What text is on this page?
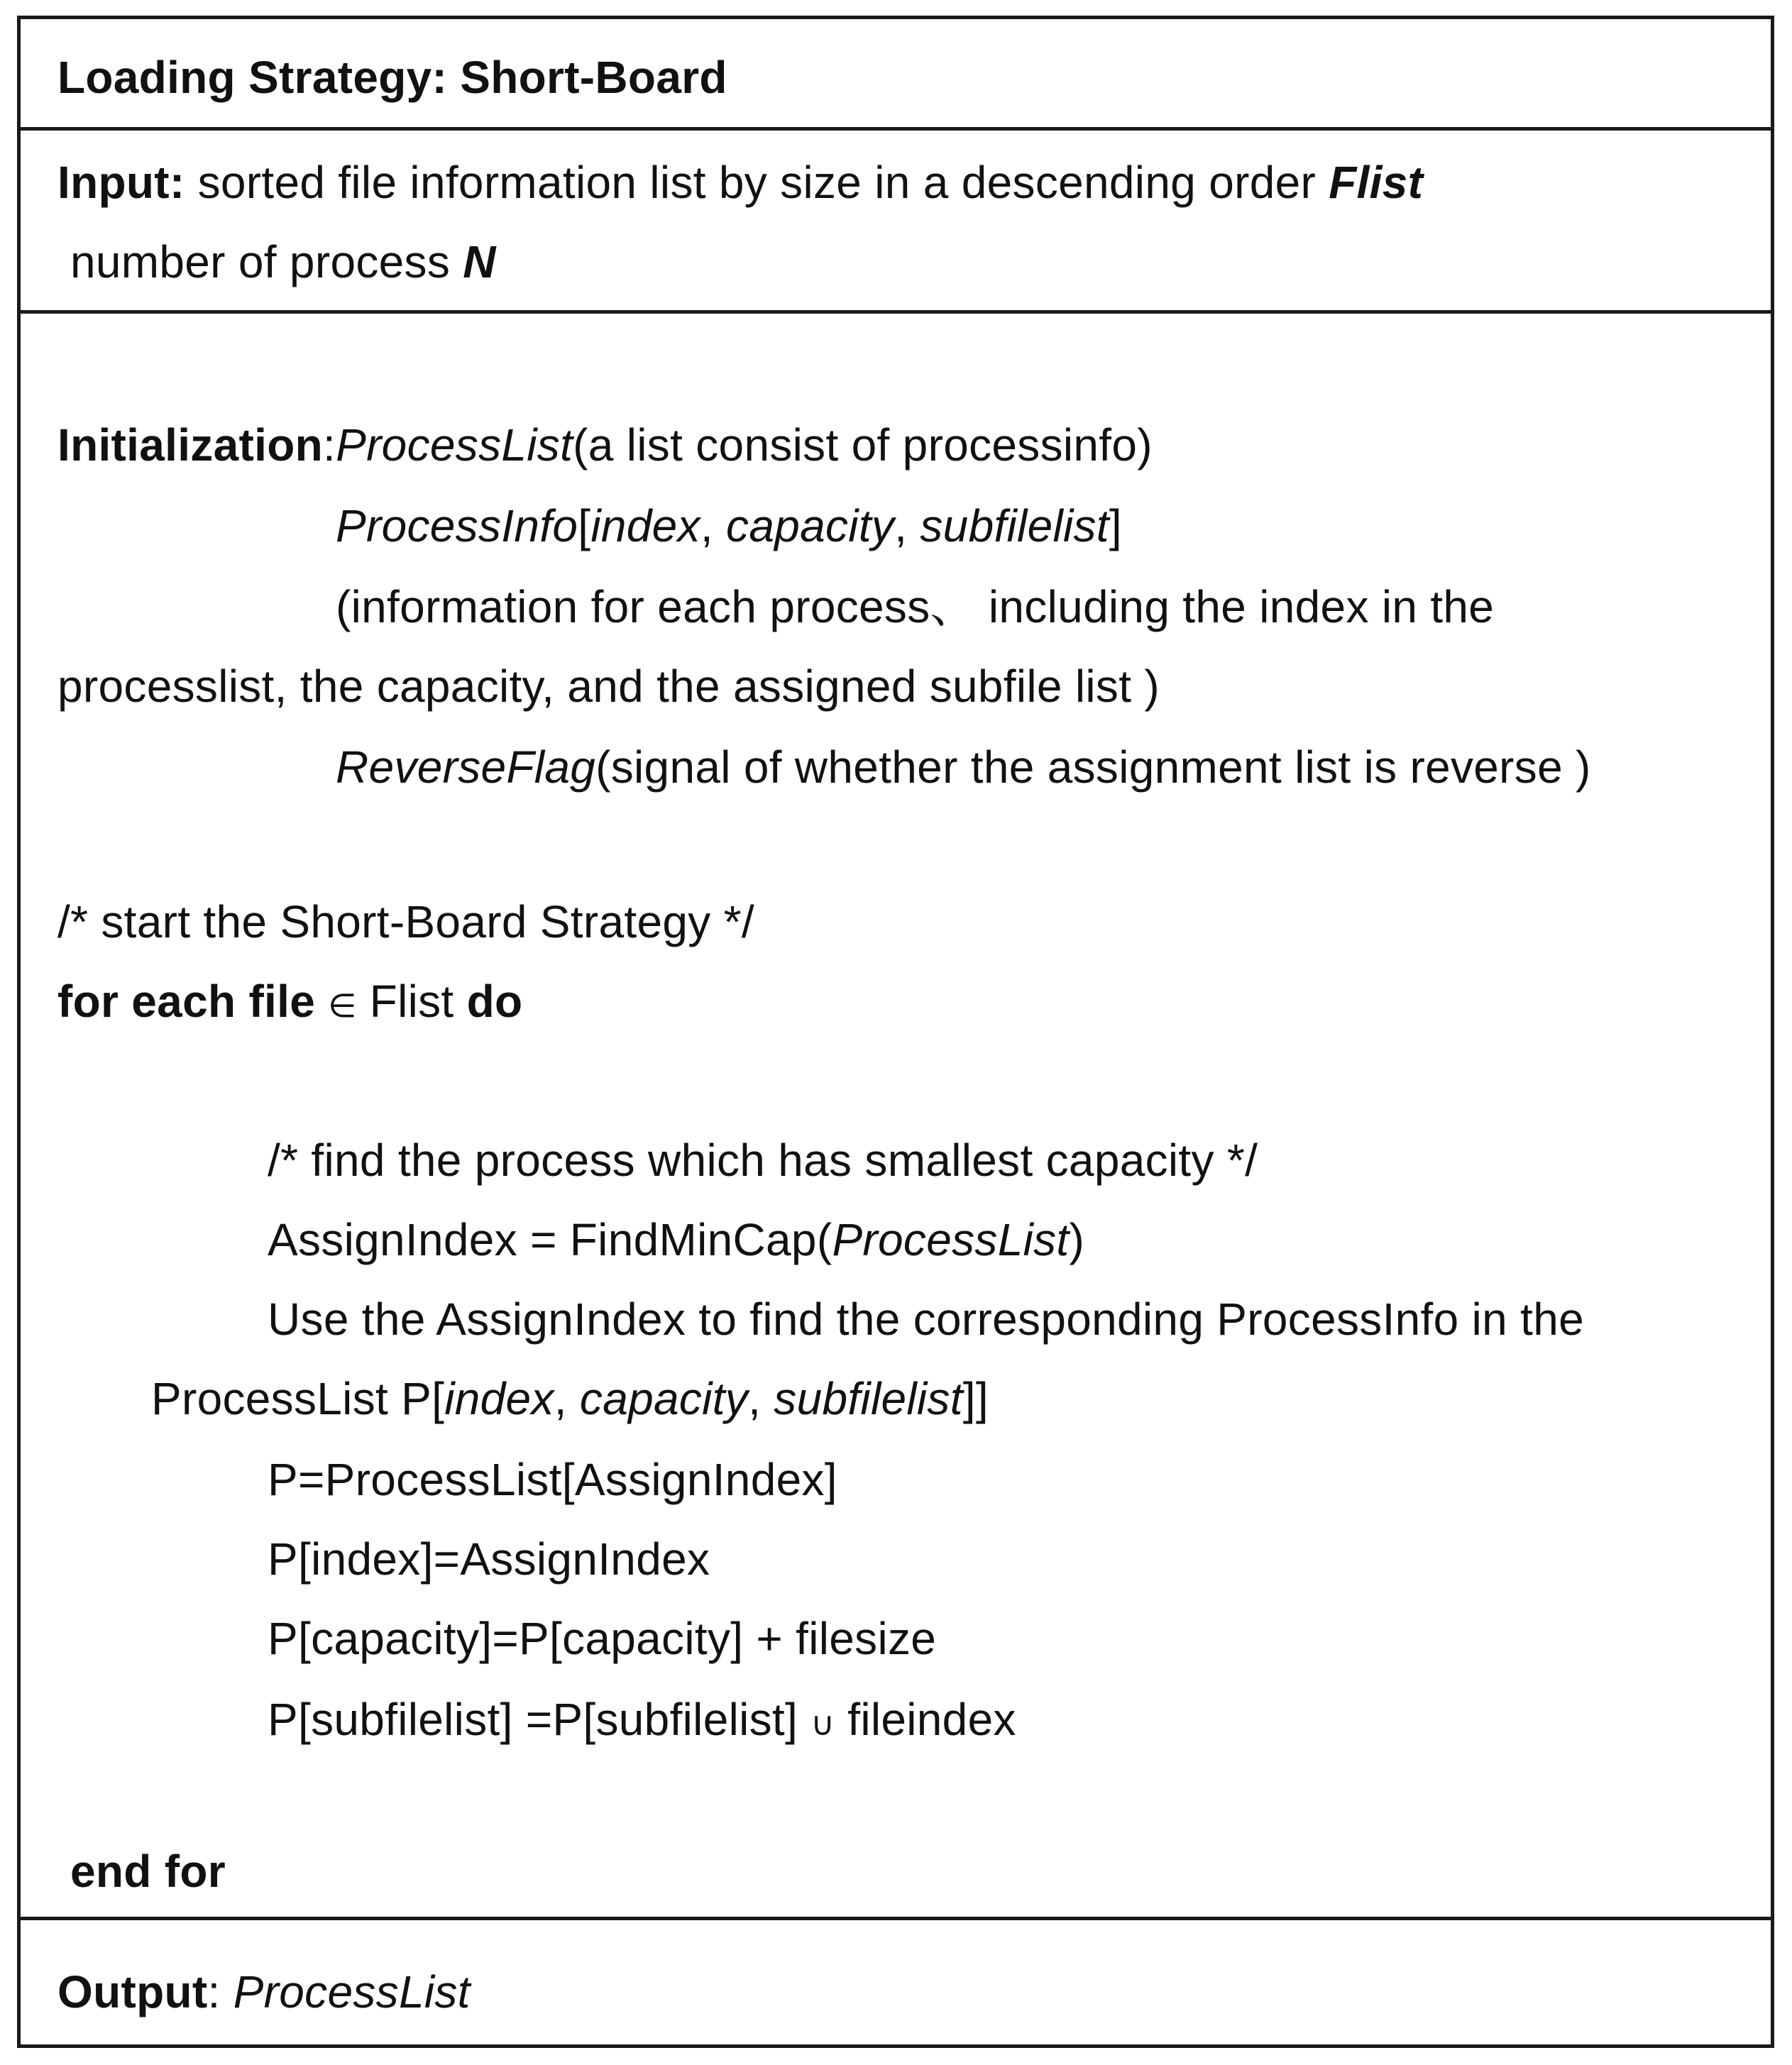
Loading Strategy: Short-Board
Input: sorted file information list by size in a descending order Flist
number of process N
Initialization:ProcessList(a list consist of processinfo)
ProcessInfo[index, capacity, subfilelist]
(information for each process、 including the index in the
processlist, the capacity, and the assigned subfile list )
ReverseFlag(signal of whether the assignment list is reverse )
/* start the Short-Board Strategy */
for each file ∈ Flist do
/* find the process which has smallest capacity */
AssignIndex = FindMinCap(ProcessList)
Use the AssignIndex to find the corresponding ProcessInfo in the
ProcessList P[index, capacity, subfilelist]]
P=ProcessList[AssignIndex]
P[index]=AssignIndex
P[capacity]=P[capacity] + filesize
P[subfilelist] =P[subfilelist] ∪ fileindex
end for
Output: ProcessList
